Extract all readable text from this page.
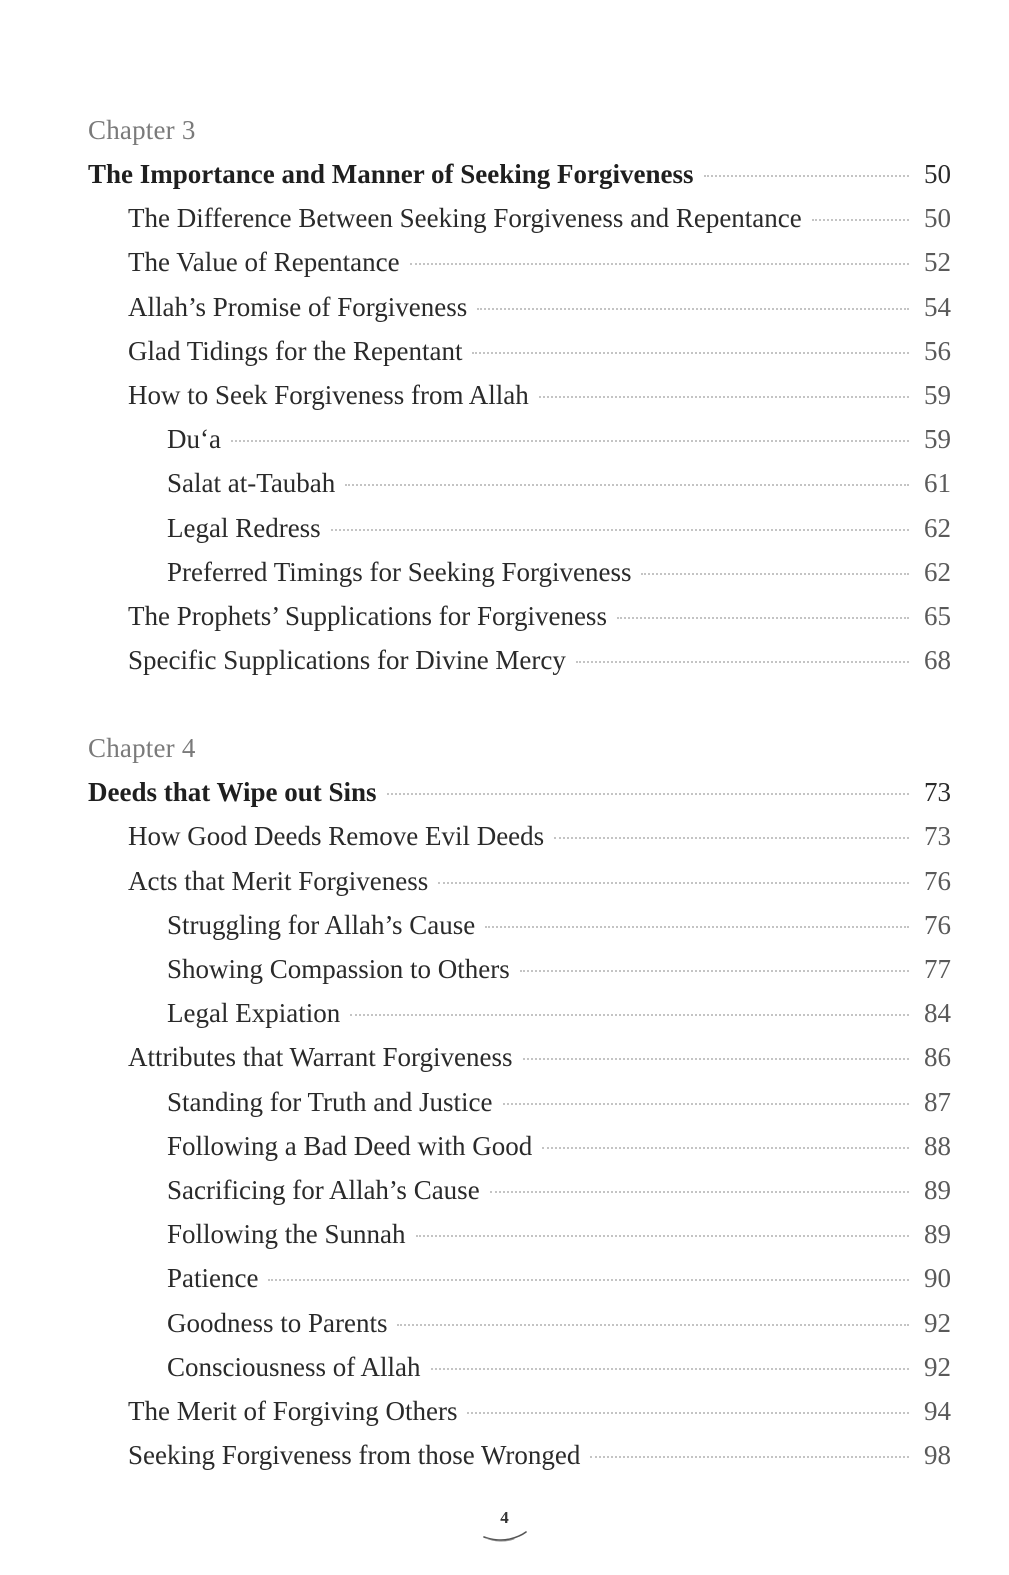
Chapter 3
The Importance and Manner of Seeking Forgiveness	50
The Difference Between Seeking Forgiveness and Repentance	50
The Value of Repentance	52
Allah’s Promise of Forgiveness	54
Glad Tidings for the Repentant	56
How to Seek Forgiveness from Allah	59
Du‘a	59
Salat at-Taubah	61
Legal Redress	62
Preferred Timings for Seeking Forgiveness	62
The Prophets’ Supplications for Forgiveness	65
Specific Supplications for Divine Mercy	68
Chapter 4
Deeds that Wipe out Sins	73
How Good Deeds Remove Evil Deeds	73
Acts that Merit Forgiveness	76
Struggling for Allah’s Cause	76
Showing Compassion to Others	77
Legal Expiation	84
Attributes that Warrant Forgiveness	86
Standing for Truth and Justice	87
Following a Bad Deed with Good	88
Sacrificing for Allah’s Cause	89
Following the Sunnah	89
Patience	90
Goodness to Parents	92
Consciousness of Allah	92
The Merit of Forgiving Others	94
Seeking Forgiveness from those Wronged	98
4
